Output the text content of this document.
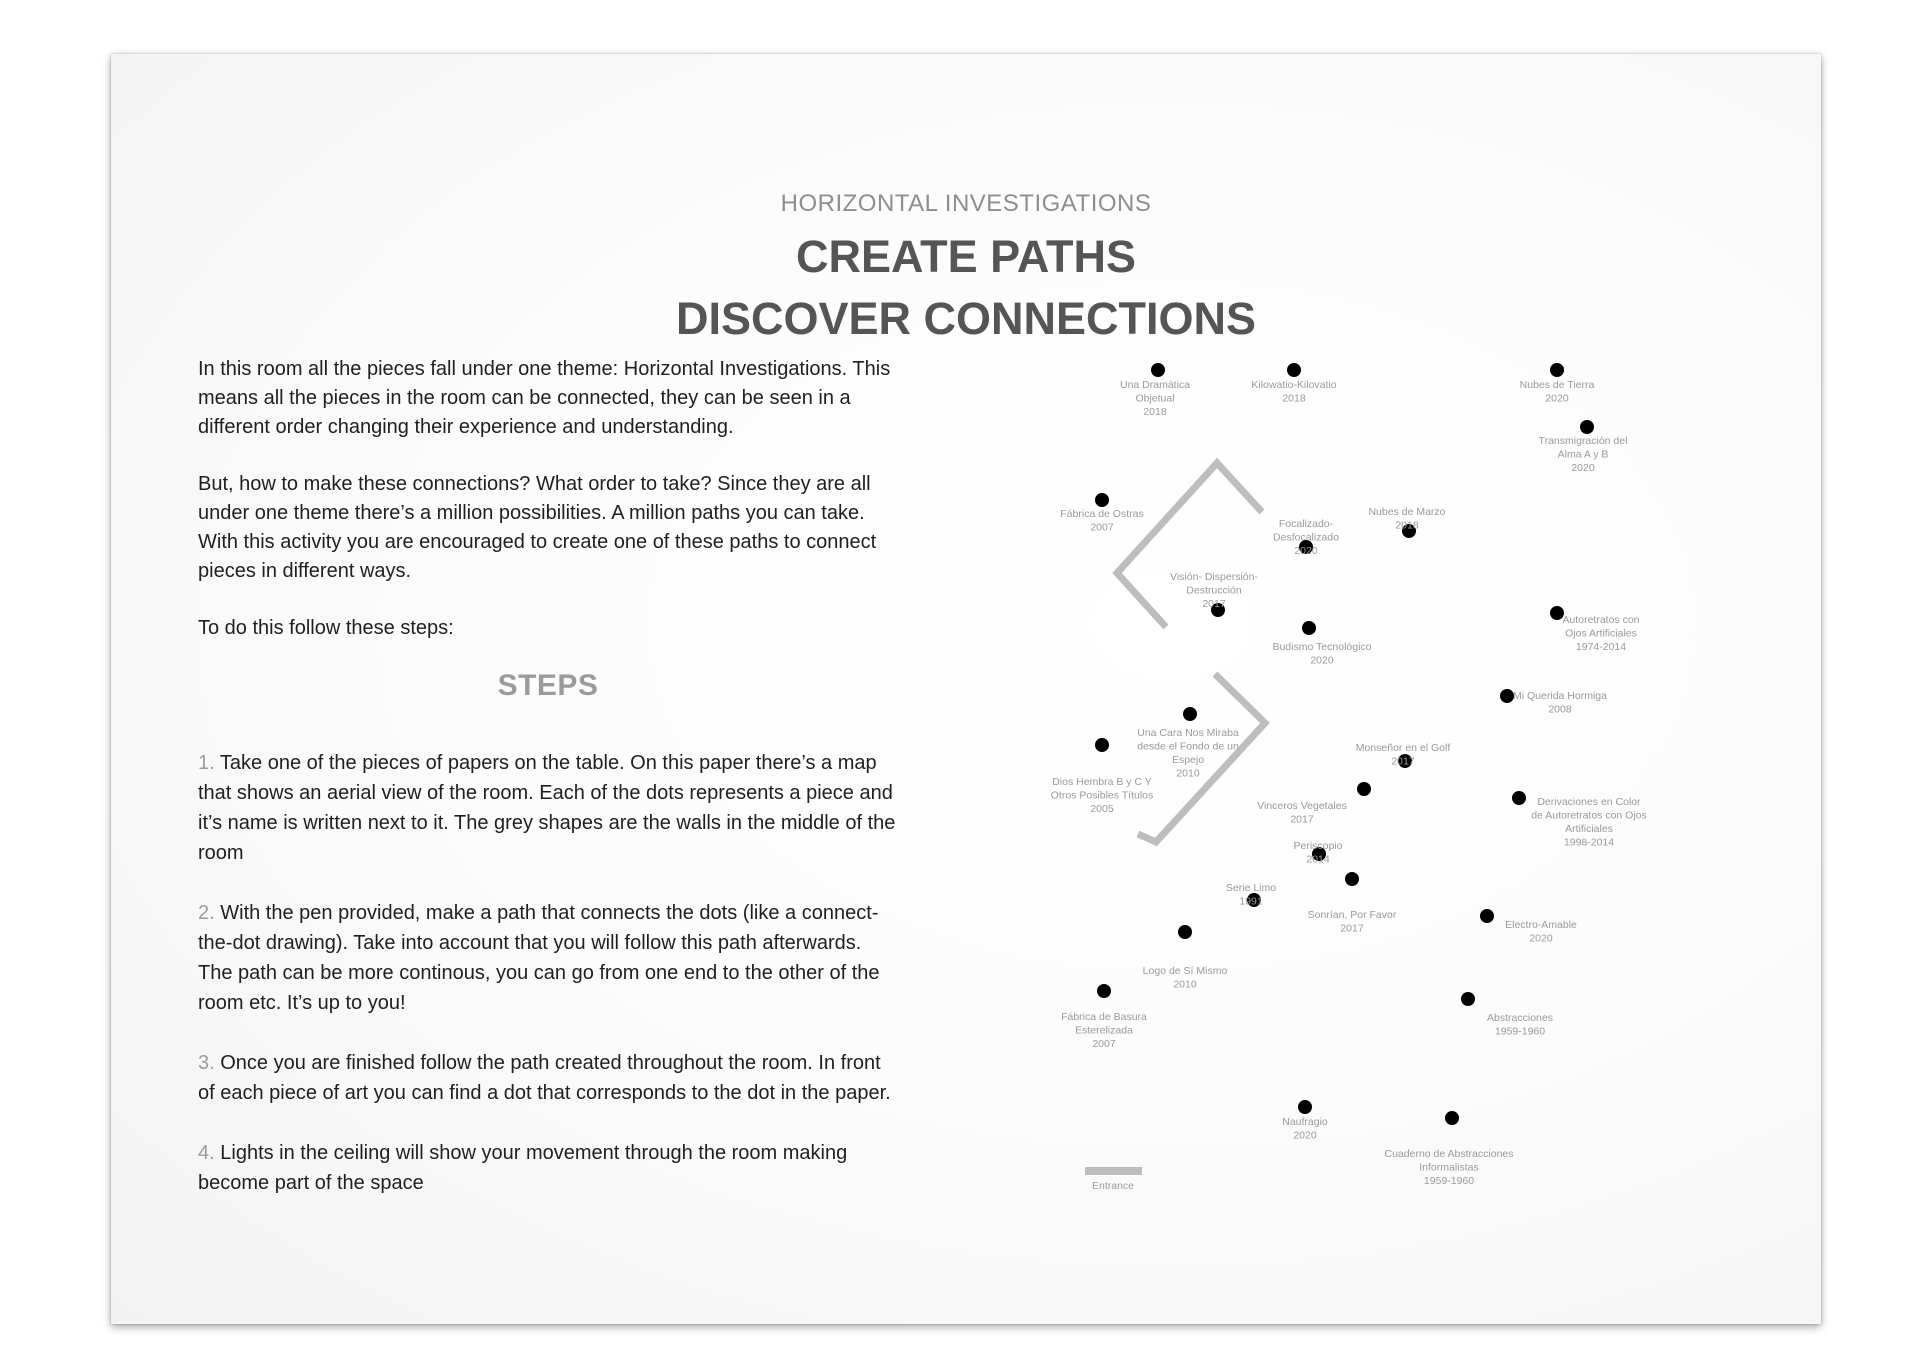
HORIZONTAL INVESTIGATIONS
CREATE PATHS
DISCOVER CONNECTIONS

In this room all the pieces fall under one theme: Horizontal Investigations. This means all the pieces in the room can be connected, they can be seen in a different order changing their experience and understanding.

But, how to make these connections? What order to take? Since they are all under one theme there’s a million possibilities. A million paths you can take. With this activity you are encouraged to create one of these paths to connect pieces in different ways.

To do this follow these steps:

STEPS
1. Take one of the pieces of papers on the table. On this paper there’s a map that shows an aerial view of the room. Each of the dots represents a piece and it’s name is written next to it. The grey shapes are the walls in the middle of the room
2. With the pen provided, make a path that connects the dots (like a connect-the-dot drawing). Take into account that you will follow this path afterwards. The path can be more continous, you can go from one end to the other of the room etc. It’s up to you!
3. Once you are finished follow the path created throughout the room. In front of each piece of art you can find a dot that corresponds to the dot in the paper.
4. Lights in the ceiling will show your movement through the room making become part of the space	Entrance
Una Dramática
Objetual
2018
Kilowatio-Kilovatio
2018
Nubes de Tierra
2020
Transmigración del
Alma A y B
2020
Fábrica de Ostras
2007	Focalizado-
Desfocalizado
2020
Nubes de Marzo
2018
Visión- Dispersión-
Destrucción
2017
Budismo Tecnológico
2020
Autoretratos con
Ojos Artificiales
1974-2014
Mi Querida Hormiga
2008
Una Cara Nos Miraba
desde el Fondo de un
Espejo
2010
Dios Hembra B y C Y
Otros Posibles Títulos
2005
Monseñor en el Golf
2017
Vinceros Vegetales
2017
Derivaciones en Color
de Autoretratos con Ojos
Artificiales
1998-2014
Periscopio
2014
Sonrían, Por Favor
2017
Serie Limo
1991
Logo de Sí Mismo
2010
Electro-Amable
2020
Fábrica de Basura
Esterelizada
2007
Abstracciones
1959-1960
Naufragio
2020
Cuaderno de Abstracciones
Informalistas
1959-1960
